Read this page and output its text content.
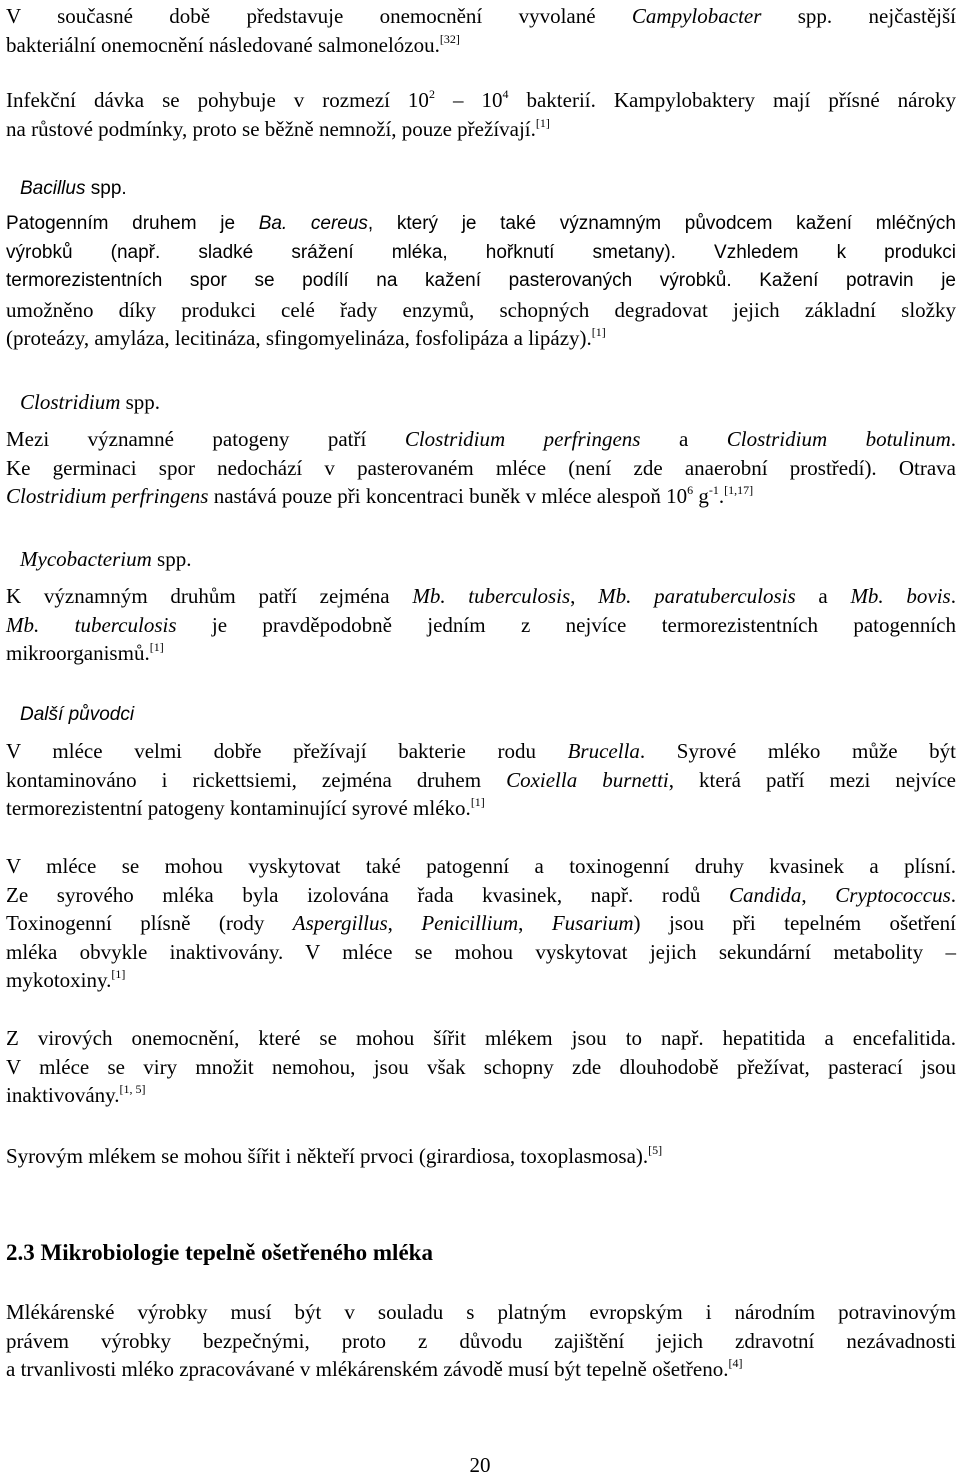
V současné době představuje onemocnění vyvolané Campylobacter spp. nejčastější
bakteriální onemocnění následované salmonelózou.[32]
Infekční dávka se pohybuje v rozmezí $10^2 - 10^4$ bakterií. Kampylobaktery mají přísné nároky
na růstové podmínky, proto se běžně nemnoží, pouze přežívají.[1]
Bacillus spp.
Patogenním druhem je Ba. cereus, který je také významným původcem kažení mléčných
výrobků (např. sladké srážení mléka, hořknutí smetany). Vzhledem k produkci
termorezistentních spor se podílí na kažení pasterovaných výrobků. Kažení potravin je
umožněno díky produkci celé řady enzymů, schopných degradovat jejich základní složky
(proteázy, amyláza, lecitináza, sfingomyelináza, fosfolipáza a lipázy).[1]
Clostridium spp.
Mezi významné patogeny patří Clostridium perfringens a Clostridium botulinum.
Ke germinaci spor nedochází v pasterovaném mléce (není zde anaerobní prostředí). Otrava
Clostridium perfringens nastává pouze při koncentraci buněk v mléce alespoň $10^6$ $g^{-1}.[1,17]$
Mycobacterium spp.
K významným druhům patří zejména Mb. tuberculosis, Mb. paratuberculosis a Mb. bovis.
Mb. tuberculosis je pravděpodobně jedním z nejvíce termorezistentních patogenních
mikroorganismů.[1]
Další původci
V mléce velmi dobře přežívají bakterie rodu Brucella. Syrové mléko může být
kontaminováno i rickettsiemi, zejména druhem Coxiella burnetti, která patří mezi nejvíce
termorezistentní patogeny kontaminující syrové mléko.[1]
V mléce se mohou vyskytovat také patogenní a toxinogenní druhy kvasinek a plísní.
Ze syrového mléka byla izolována řada kvasinek, např. rodů Candida, Cryptococcus.
Toxinogenní plísně (rody Aspergillus, Penicillium, Fusarium) jsou při tepelném ošetření
mléka obvykle inaktivovány. V mléce se mohou vyskytovat jejich sekundární metabolity –
mykotoxiny.[1]
Z virových onemocnění, které se mohou šířit mlékem jsou to např. hepatitida a encefalitida.
V mléce se viry množit nemohou, jsou však schopny zde dlouhodobě přežívat, pasterací jsou
inaktivovány.[1, 5]
Syrovým mlékem se mohou šířit i někteří prvoci (girardiosa, toxoplasmosa).[5]
2.3 Mikrobiologie tepelně ošetřeného mléka
Mlékárenské výrobky musí být v souladu s platným evropským i národním potravinovým
právem výrobky bezpečnými, proto z důvodu zajištění jejich zdravotní nezávadnosti
a trvanlivosti mléko zpracovávané v mlékárenském závodě musí být tepelně ošetřeno.[4]
20
